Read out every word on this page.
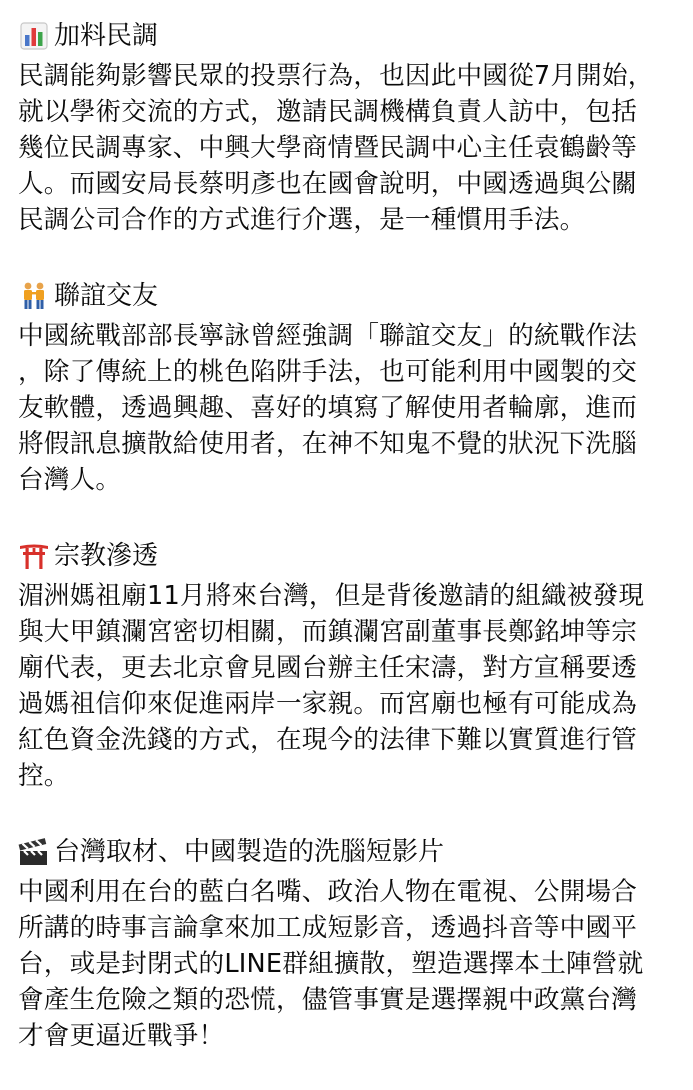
加料民調

民調能夠影響民眾的投票行為，也因此中國從7月開始，
就以學術交流的方式，邀請民調機構負責人訪中，包括
幾位民調專家、中興大學商情暨民調中心主任袁鶴齡等
人。而國安局長蔡明彥也在國會說明，中國透過與公關
民調公司合作的方式進行介選，是一種慣用手法。

聯誼交友

中國統戰部部長寧詠曾經強調「聯誼交友」的統戰作法
，除了傳統上的桃色陷阱手法，也可能利用中國製的交
友軟體，透過興趣、喜好的填寫了解使用者輪廓，進而
將假訊息擴散給使用者，在神不知鬼不覺的狀況下洗腦
台灣人。

宗教滲透

湄洲媽祖廟11月將來台灣，但是背後邀請的組織被發現
與大甲鎮瀾宮密切相關，而鎮瀾宮副董事長鄭銘坤等宗
廟代表，更去北京會見國台辦主任宋濤，對方宣稱要透
過媽祖信仰來促進兩岸一家親。而宮廟也極有可能成為
紅色資金洗錢的方式，在現今的法律下難以實質進行管
控。

台灣取材、中國製造的洗腦短影片

中國利用在台的藍白名嘴、政治人物在電視、公開場合
所講的時事言論拿來加工成短影音，透過抖音等中國平
台，或是封閉式的LINE群組擴散，塑造選擇本土陣營就
會產生危險之類的恐慌，儘管事實是選擇親中政黨台灣
才會更逼近戰爭！
